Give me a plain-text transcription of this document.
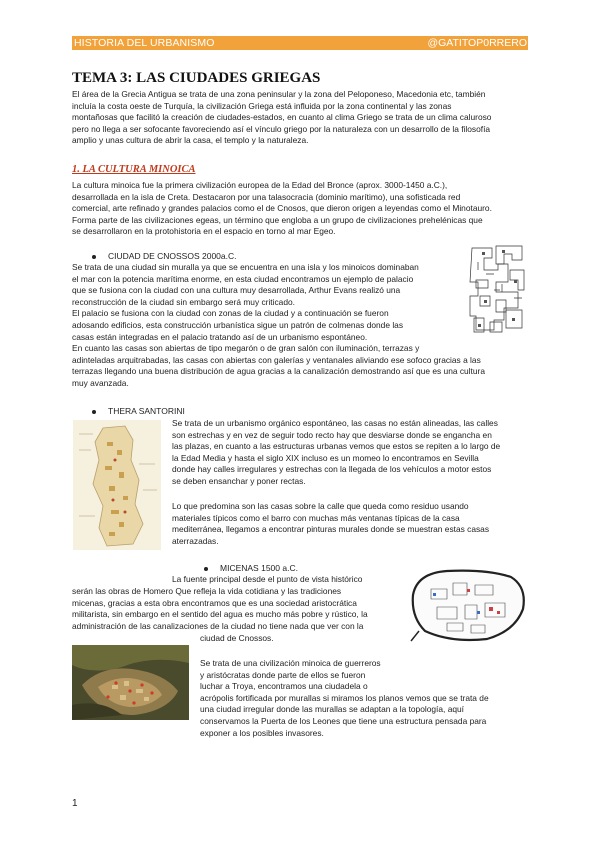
HISTORIA DEL URBANISMO	@GATITOP0RRERO
TEMA 3: LAS CIUDADES GRIEGAS
El área de la Grecia Antigua se trata de una zona peninsular y la zona del Peloponeso, Macedonia etc, también
incluía la costa oeste de Turquía, la civilización Griega está influida por la zona continental y las zonas
montañosas que facilitó la creación de ciudades-estados, en cuanto al clima Griego se trata de un clima caluroso
pero no llega a ser sofocante favoreciendo así el vínculo griego por la naturaleza con un desarrollo de la filosofía
amplio y unas cultura de abrir la casa, el templo y la naturaleza.
1. LA CULTURA MINOICA
La cultura minoica fue la primera civilización europea de la Edad del Bronce (aprox. 3000-1450 a.C.),
desarrollada en la isla de Creta. Destacaron por una talasocracia (dominio marítimo), una sofisticada red
comercial, arte refinado y grandes palacios como el de Cnosos, que dieron origen a leyendas como el Minotauro.
Forma parte de las civilizaciones egeas, un término que engloba a un grupo de civilizaciones prehelénicas que
se desarrollaron en la protohistoria en el espacio en torno al mar Egeo.
CIUDAD DE CNOSSOS 2000a.C.
Se trata de una ciudad sin muralla ya que se encuentra en una isla y los minoicos dominaban
el mar con la potencia marítima enorme, en esta ciudad encontramos un ejemplo de palacio
que se fusiona con la ciudad con una cultura muy desarrollada, Arthur Evans realizó una
reconstrucción de la ciudad sin embargo será muy criticado.
El palacio se fusiona con la ciudad con zonas de la ciudad y a continuación se fueron
adosando edificios, esta construcción urbanística sigue un patrón de colmenas donde las
casas están integradas en el palacio tratando así de un urbanismo espontáneo.
En cuanto las casas son abiertas de tipo megarón o de gran salón con iluminación, terrazas y
adinteladas arquitrabadas, las casas con abiertas con galerías y ventanales aliviando ese sofoco gracias a las
terrazas llegando una buena distribución de agua gracias a la canalización demostrando así que es una cultura
muy avanzada.
THERA SANTORINI
Se trata de un urbanismo orgánico espontáneo, las casas no están alineadas, las calles
son estrechas y en vez de seguir todo recto hay que desviarse donde se engancha en
las plazas, en cuanto a las estructuras urbanas vemos que estos se repiten a lo largo de
la Edad Media y hasta el siglo XIX incluso es un momeo lo encontramos en Sevilla
donde hay calles irregulares y estrechas con la llegada de los vehículos a motor estos
se deben ensanchar y poner rectas.
Lo que predomina son las casas sobre la calle que queda como residuo usando
materiales típicos como el barro con muchas más ventanas típicas de la casa
mediterránea, llegamos a encontrar pinturas murales donde se muestran estas casas
aterrazadas.
MICENAS 1500 a.C.
La fuente principal desde el punto de vista histórico
serán las obras de Homero Que refleja la vida cotidiana y las tradiciones
micenas, gracias a esta obra encontramos que es una sociedad aristocrática
militarista, sin embargo en el sentido del agua es mucho más pobre y rústico, la
administración de las canalizaciones de la ciudad no tiene nada que ver con la
ciudad de Cnossos.
Se trata de una civilización minoica de guerreros
y aristócratas donde parte de ellos se fueron
luchar a Troya, encontramos una ciudadela o
acrópolis fortificada por murallas si miramos los planos vemos que se trata de
una ciudad irregular donde las murallas se adaptan a la topología, aquí
conservamos la Puerta de los Leones que tiene una estructura pensada para
exponer a los posibles invasores.
1
